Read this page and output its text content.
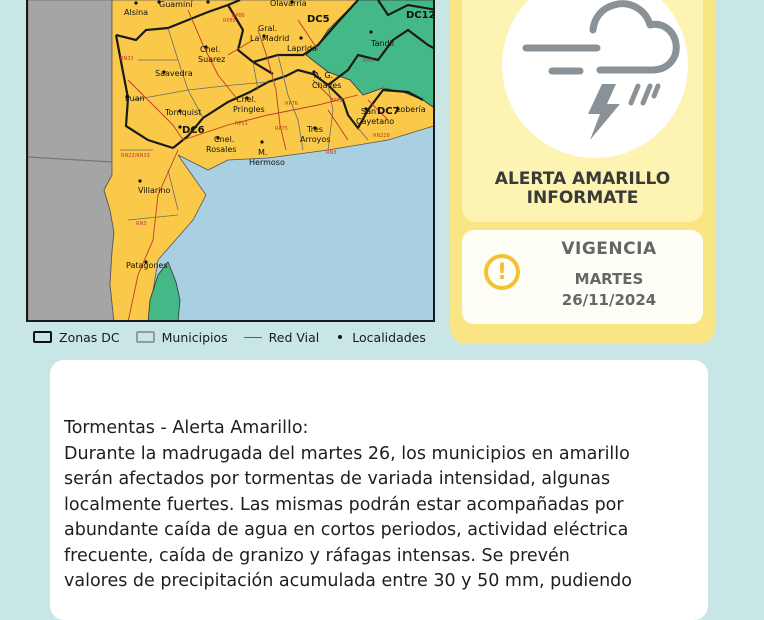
DC5
DC6
DC7
DC12
Alsina
Guaminí	Olavarría
Gral.
La Madrid
Cnel.
Suarez
Laprida
Tandil
Saavedra	A. G.
Chaves
Puan
Tornquist
Cnel.
Pringles	San
Cayetano
Lobería
Tres
Arroyos
Cnel.
Rosales	M.
Hermoso
Villarino
Patagones
RN33
RP85
RP86
RN3
RP51
RP76	RP72
RN228
RN22/RN33	RN3
RP75
RN3
Zonas DC	Municipios	Red Vial	Localidades
ALERTA AMARILLO
INFORMATE
!
VIGENCIA
MARTES
26/11/2024
Tormentas - Alerta Amarillo:
Durante la madrugada del martes 26, los municipios en amarillo
serán afectados por tormentas de variada intensidad, algunas
localmente fuertes. Las mismas podrán estar acompañadas por
abundante caída de agua en cortos periodos, actividad eléctrica
frecuente, caída de granizo y ráfagas intensas. Se prevén
valores de precipitación acumulada entre 30 y 50 mm, pudiendo
